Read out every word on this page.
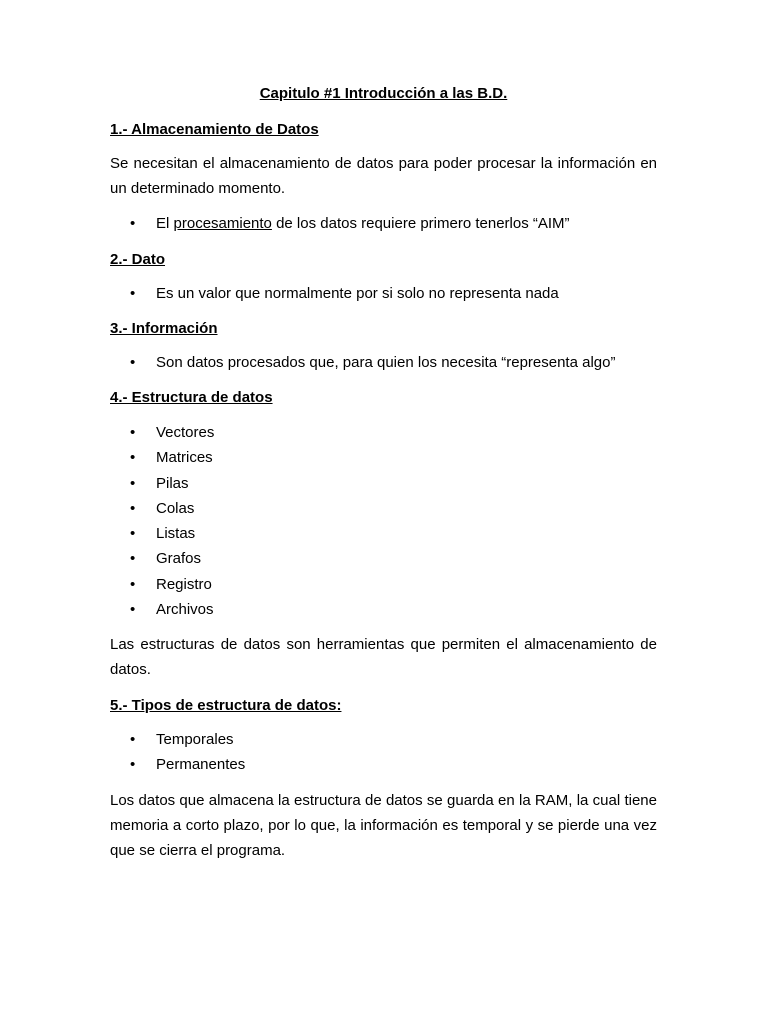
Capitulo #1 Introducción a las B.D.
1.- Almacenamiento de Datos

Se necesitan el almacenamiento de datos para poder procesar la información en un determinado momento.

• El procesamiento de los datos requiere primero tenerlos “AIM”
2.- Dato
• Es un valor que normalmente por si solo no representa nada
3.- Información
• Son datos procesados que, para quien los necesita “representa algo”
4.- Estructura de datos
• Vectores
• Matrices
• Pilas
• Colas
• Listas
• Grafos
• Registro
• Archivos

Las estructuras de datos son herramientas que permiten el almacenamiento de datos.

5.- Tipos de estructura de datos:
• Temporales
• Permanentes

Los datos que almacena la estructura de datos se guarda en la RAM, la cual tiene memoria a corto plazo, por lo que, la información es temporal y se pierde una vez que se cierra el programa.
